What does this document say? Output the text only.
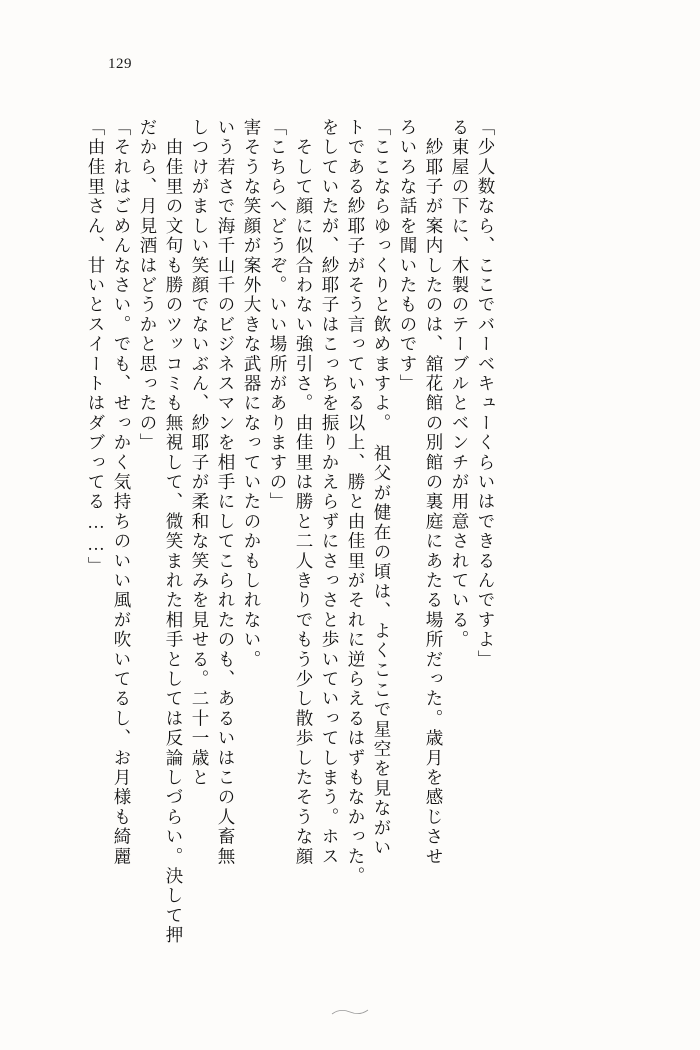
129
「由佳里さん、甘いとスイートはダブってる……」 「それはごめんなさい。でも、せっかく気持ちのいい風が吹いてるし、お月様も綺麗 だから、月見酒はどうかと思ったの」 　由佳里の文句も勝のツッコミも無視して、微笑まれた相手としては反論しづらい。決して押 しつけがましい笑顔でないぶん、紗耶子が柔和な笑みを見せる。二十一歳と いう若さで海千山千のビジネスマンを相手にしてこられたのも、あるいはこの人畜無 害そうな笑顔が案外大きな武器になっていたのかもしれない。 「こちらへどうぞ。いい場所がありますの」 　そして顔に似合わない強引さ。由佳里は勝と二人きりでもう少し散歩したそうな顔 をしていたが、紗耶子はこっちを振りかえらずにさっさと歩いていってしまう。ホス トである紗耶子がそう言っている以上、勝と由佳里がそれに逆らえるはずもなかった。 「ここならゆっくりと飲めますよ。　祖父が健在の頃は、よくここで星空を見ながい ろいろな話を聞いたものです」 　紗耶子が案内したのは、舘花館の別館の裏庭にあたる場所だった。歳月を感じさせ る東屋の下に、木製のテーブルとベンチが用意されている。 「少人数なら、ここでバーベキューくらいはできるんですよ」
